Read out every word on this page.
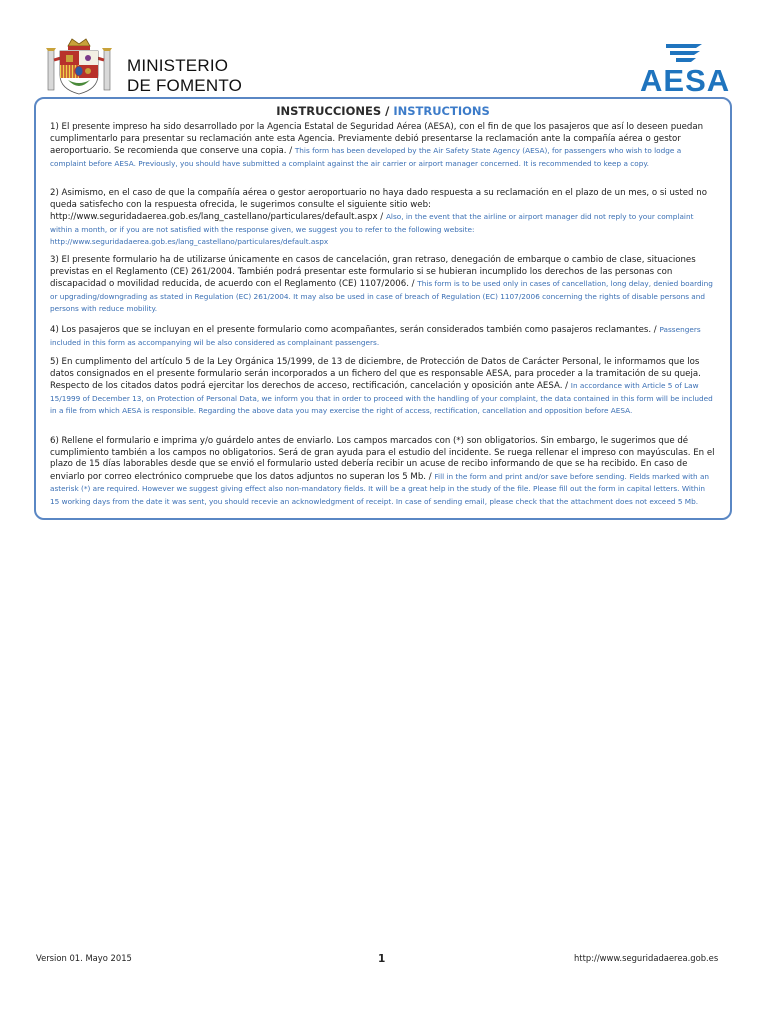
MINISTERIO
DE FOMENTO	AESA
INSTRUCCIONES / INSTRUCTIONS
1) El presente impreso ha sido desarrollado por la Agencia Estatal de Seguridad Aérea (AESA), con el fin de que los pasajeros que así lo deseen puedan cumplimentarlo para presentar su reclamación ante esta Agencia. Previamente debió presentarse la reclamación ante la compañía aérea o gestor aeroportuario. Se recomienda que conserve una copia. / This form has been developed by the Air Safety State Agency (AESA), for passengers who wish to lodge a complaint before AESA. Previously, you should have submitted a complaint against the air carrier or airport manager concerned. It is recommended to keep a copy.
2) Asimismo, en el caso de que la compañía aérea o gestor aeroportuario no haya dado respuesta a su reclamación en el plazo de un mes, o si usted no queda satisfecho con la respuesta ofrecida, le sugerimos consulte el siguiente sitio web: http://www.seguridadaerea.gob.es/lang_castellano/particulares/default.aspx / Also, in the event that the airline or airport manager did not reply to your complaint within a month, or if you are not satisfied with the response given, we suggest you to refer to the following website: http://www.seguridadaerea.gob.es/lang_castellano/particulares/default.aspx
3) El presente formulario ha de utilizarse únicamente en casos de cancelación, gran retraso, denegación de embarque o cambio de clase, situaciones previstas en el Reglamento (CE) 261/2004. También podrá presentar este formulario si se hubieran incumplido los derechos de las personas con discapacidad o movilidad reducida, de acuerdo con el Reglamento (CE) 1107/2006. / This form is to be used only in cases of cancellation, long delay, denied boarding or upgrading/downgrading as stated in Regulation (EC) 261/2004. It may also be used in case of breach of Regulation (EC) 1107/2006 concerning the rights of disable persons and persons with reduce mobility.
4) Los pasajeros que se incluyan en el presente formulario como acompañantes, serán considerados también como pasajeros reclamantes. / Passengers included in this form as accompanying wil be also considered as complainant passengers.
5) En cumplimento del artículo 5 de la Ley Orgánica 15/1999, de 13 de diciembre, de Protección de Datos de Carácter Personal, le informamos que los datos consignados en el presente formulario serán incorporados a un fichero del que es responsable AESA, para proceder a la tramitación de su queja. Respecto de los citados datos podrá ejercitar los derechos de acceso, rectificación, cancelación y oposición ante AESA. / In accordance with Article 5 of Law 15/1999 of December 13, on Protection of Personal Data, we inform you that in order to proceed with the handling of your complaint, the data contained in this form will be included in a file from which AESA is responsible. Regarding the above data you may exercise the right of access, rectification, cancellation and opposition before AESA.
6) Rellene el formulario e imprima y/o guárdelo antes de enviarlo. Los campos marcados con (*) son obligatorios. Sin embargo, le sugerimos que dé cumplimiento también a los campos no obligatorios. Será de gran ayuda para el estudio del incidente. Se ruega rellenar el impreso con mayúsculas. En el plazo de 15 días laborables desde que se envió el formulario usted debería recibir un acuse de recibo informando de que se ha recibido. En caso de enviarlo por correo electrónico compruebe que los datos adjuntos no superan los 5 Mb. / Fill in the form and print and/or save before sending. Fields marked with an asterisk (*) are required. However we suggest giving effect also non-mandatory fields. It will be a great help in the study of the file. Please fill out the form in capital letters. Within 15 working days from the date it was sent, you should recevie an acknowledgment of receipt. In case of sending email, please check that the attachment does not exceed 5 Mb.
Version 01. Mayo 2015	1	http://www.seguridadaerea.gob.es
